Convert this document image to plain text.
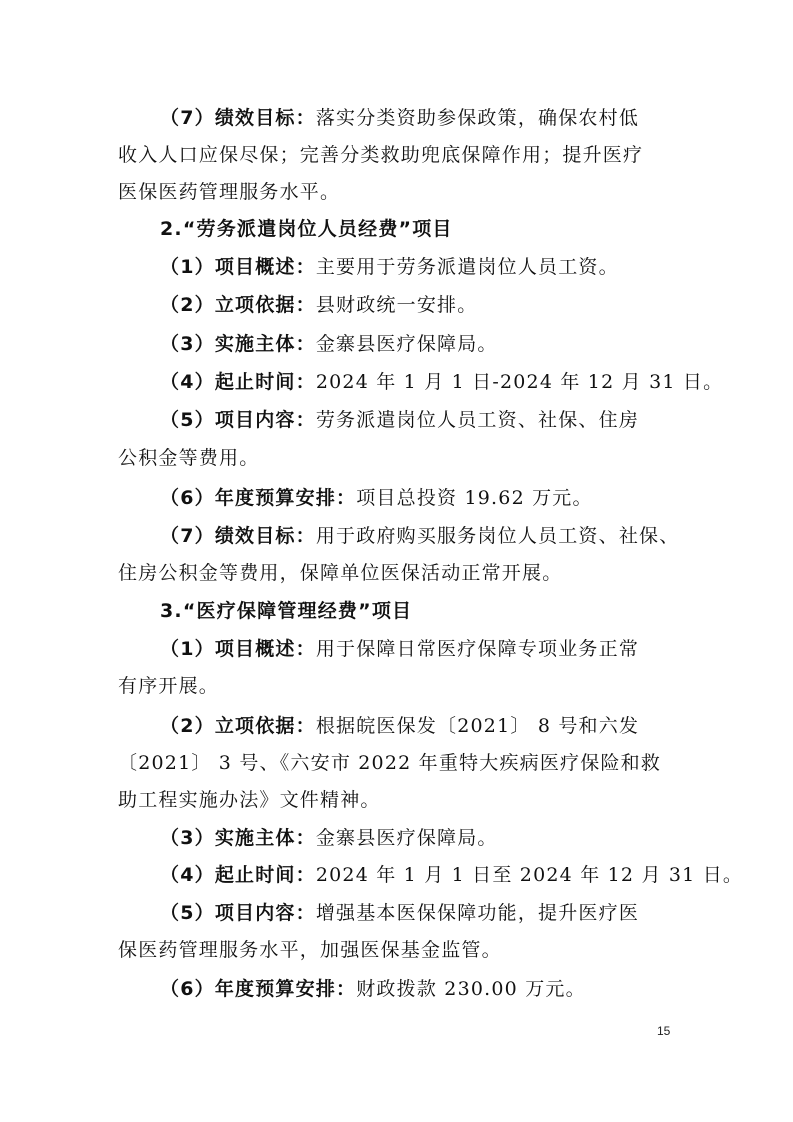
（7）绩效目标：落实分类资助参保政策，确保农村低
收入人口应保尽保；完善分类救助兜底保障作用；提升医疗
医保医药管理服务水平。
2.“劳务派遣岗位人员经费”项目
（1）项目概述：主要用于劳务派遣岗位人员工资。
（2）立项依据：县财政统一安排。
（3）实施主体：金寨县医疗保障局。
（4）起止时间：2024 年 1 月 1 日-2024 年 12 月 31 日。
（5）项目内容：劳务派遣岗位人员工资、社保、住房
公积金等费用。
（6）年度预算安排：项目总投资 19.62 万元。
（7）绩效目标：用于政府购买服务岗位人员工资、社保、
住房公积金等费用，保障单位医保活动正常开展。
3.“医疗保障管理经费”项目
（1）项目概述：用于保障日常医疗保障专项业务正常
有序开展。
（2）立项依据：根据皖医保发〔2021〕 8 号和六发
〔2021〕 3 号、《六安市 2022 年重特大疾病医疗保险和救
助工程实施办法》文件精神。
（3）实施主体：金寨县医疗保障局。
（4）起止时间：2024 年 1 月 1 日至 2024 年 12 月 31 日。
（5）项目内容：增强基本医保保障功能，提升医疗医
保医药管理服务水平，加强医保基金监管。
（6）年度预算安排：财政拨款 230.00 万元。
15
